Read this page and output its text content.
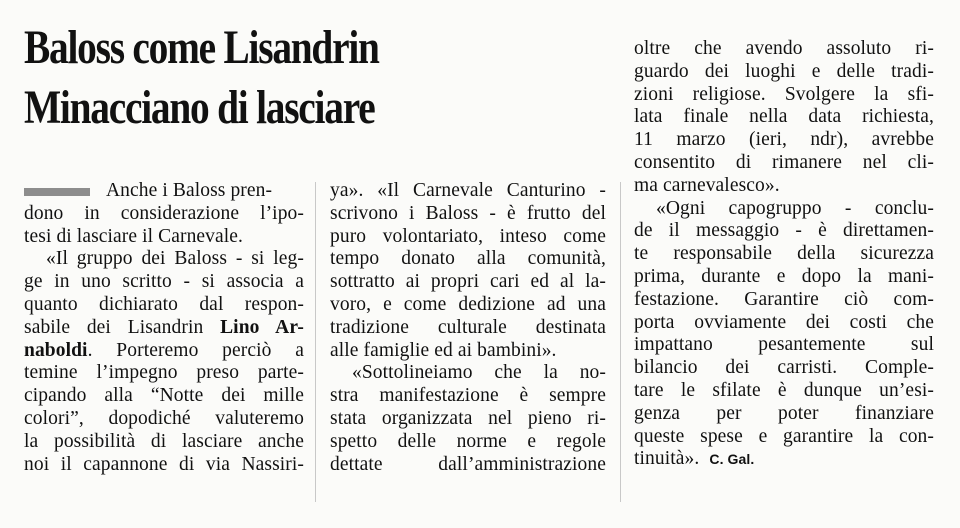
Baloss come Lisandrin
Minacciano di lasciare
Anche i Baloss pren-
dono in considerazione l’ipo-
tesi di lasciare il Carnevale.
«Il gruppo dei Baloss - si leg-
ge in uno scritto - si associa a
quanto dichiarato dal respon-
sabile dei Lisandrin Lino Ar-
naboldi. Porteremo perciò a
temine l’impegno preso parte-
cipando alla “Notte dei mille
colori”, dopodiché valuteremo
la possibilità di lasciare anche
noi il capannone di via Nassiri-
ya». «Il Carnevale Canturino -
scrivono i Baloss - è frutto del
puro volontariato, inteso come
tempo donato alla comunità,
sottratto ai propri cari ed al la-
voro, e come dedizione ad una
tradizione culturale destinata
alle famiglie ed ai bambini».
«Sottolineiamo che la no-
stra manifestazione è sempre
stata organizzata nel pieno ri-
spetto delle norme e regole
dettate dall’amministrazione
oltre che avendo assoluto ri-
guardo dei luoghi e delle tradi-
zioni religiose. Svolgere la sfi-
lata finale nella data richiesta,
11 marzo (ieri, ndr), avrebbe
consentito di rimanere nel cli-
ma carnevalesco».
«Ogni capogruppo - conclu-
de il messaggio - è direttamen-
te responsabile della sicurezza
prima, durante e dopo la mani-
festazione. Garantire ciò com-
porta ovviamente dei costi che
impattano pesantemente sul
bilancio dei carristi. Comple-
tare le sfilate è dunque un’esi-
genza per poter finanziare
queste spese e garantire la con-
tinuità». C. Gal.
